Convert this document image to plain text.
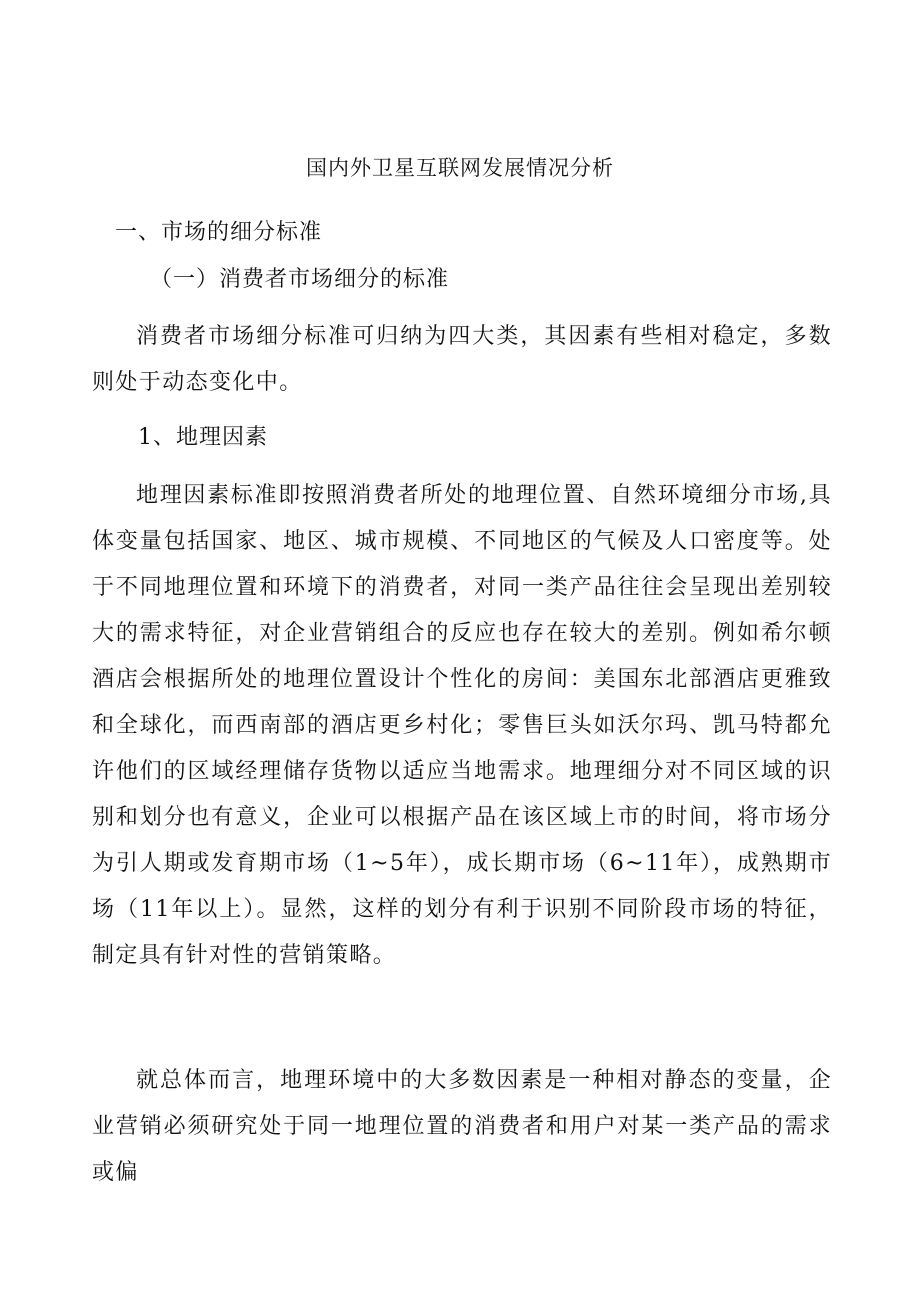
国内外卫星互联网发展情况分析

一、市场的细分标准

（一）消费者市场细分的标准

消费者市场细分标准可归纳为四大类，其因素有些相对稳定，多数则处于动态变化中。

1、地理因素

地理因素标准即按照消费者所处的地理位置、自然环境细分市场,具体变量包括国家、地区、城市规模、不同地区的气候及人口密度等。处于不同地理位置和环境下的消费者，对同一类产品往往会呈现出差别较大的需求特征，对企业营销组合的反应也存在较大的差别。例如希尔顿酒店会根据所处的地理位置设计个性化的房间：美国东北部酒店更雅致和全球化，而西南部的酒店更乡村化；零售巨头如沃尔玛、凯马特都允许他们的区域经理储存货物以适应当地需求。地理细分对不同区域的识别和划分也有意义，企业可以根据产品在该区域上市的时间，将市场分为引人期或发育期市场（1~5年），成长期市场（6~11年），成熟期市场（11年以上）。显然，这样的划分有利于识别不同阶段市场的特征，制定具有针对性的营销策略。

就总体而言，地理环境中的大多数因素是一种相对静态的变量，企业营销必须研究处于同一地理位置的消费者和用户对某一类产品的需求或偏
